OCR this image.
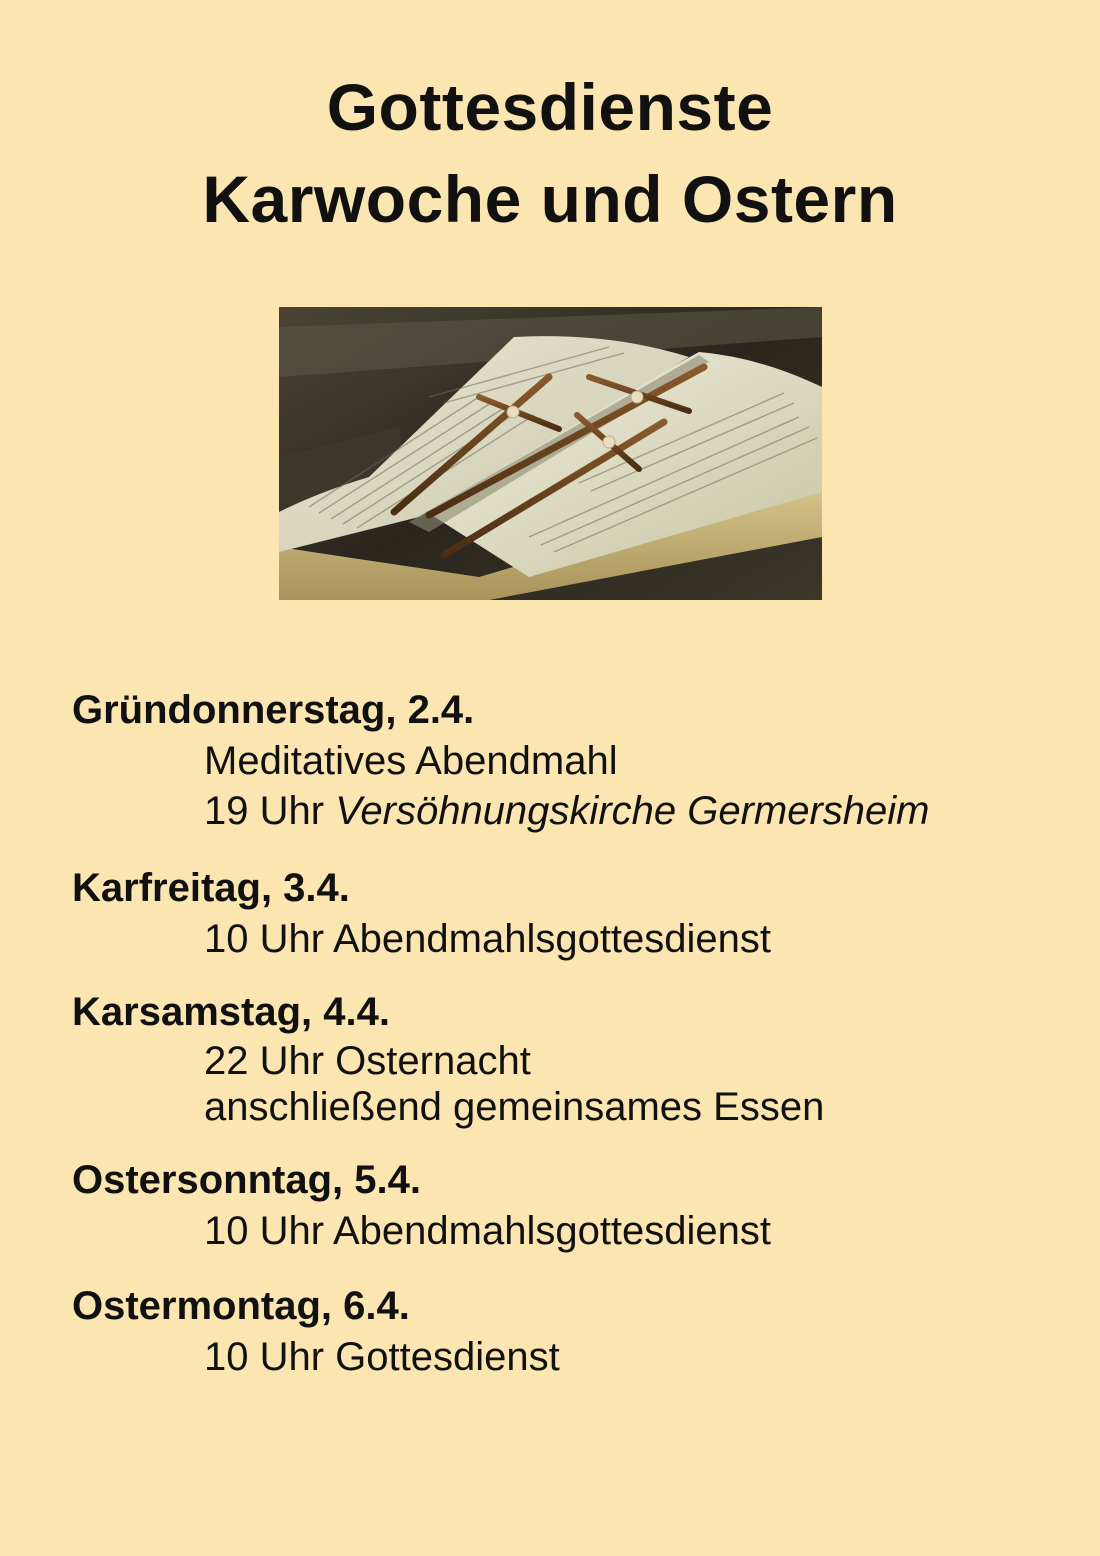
Gottesdienste
Karwoche und Ostern
Gründonnerstag, 2.4.
Meditatives Abendmahl
19 Uhr Versöhnungskirche Germersheim
Karfreitag, 3.4.
10 Uhr Abendmahlsgottesdienst
Karsamstag, 4.4.
22 Uhr Osternacht
anschließend gemeinsames Essen
Ostersonntag, 5.4.
10 Uhr Abendmahlsgottesdienst
Ostermontag, 6.4.
10 Uhr Gottesdienst
